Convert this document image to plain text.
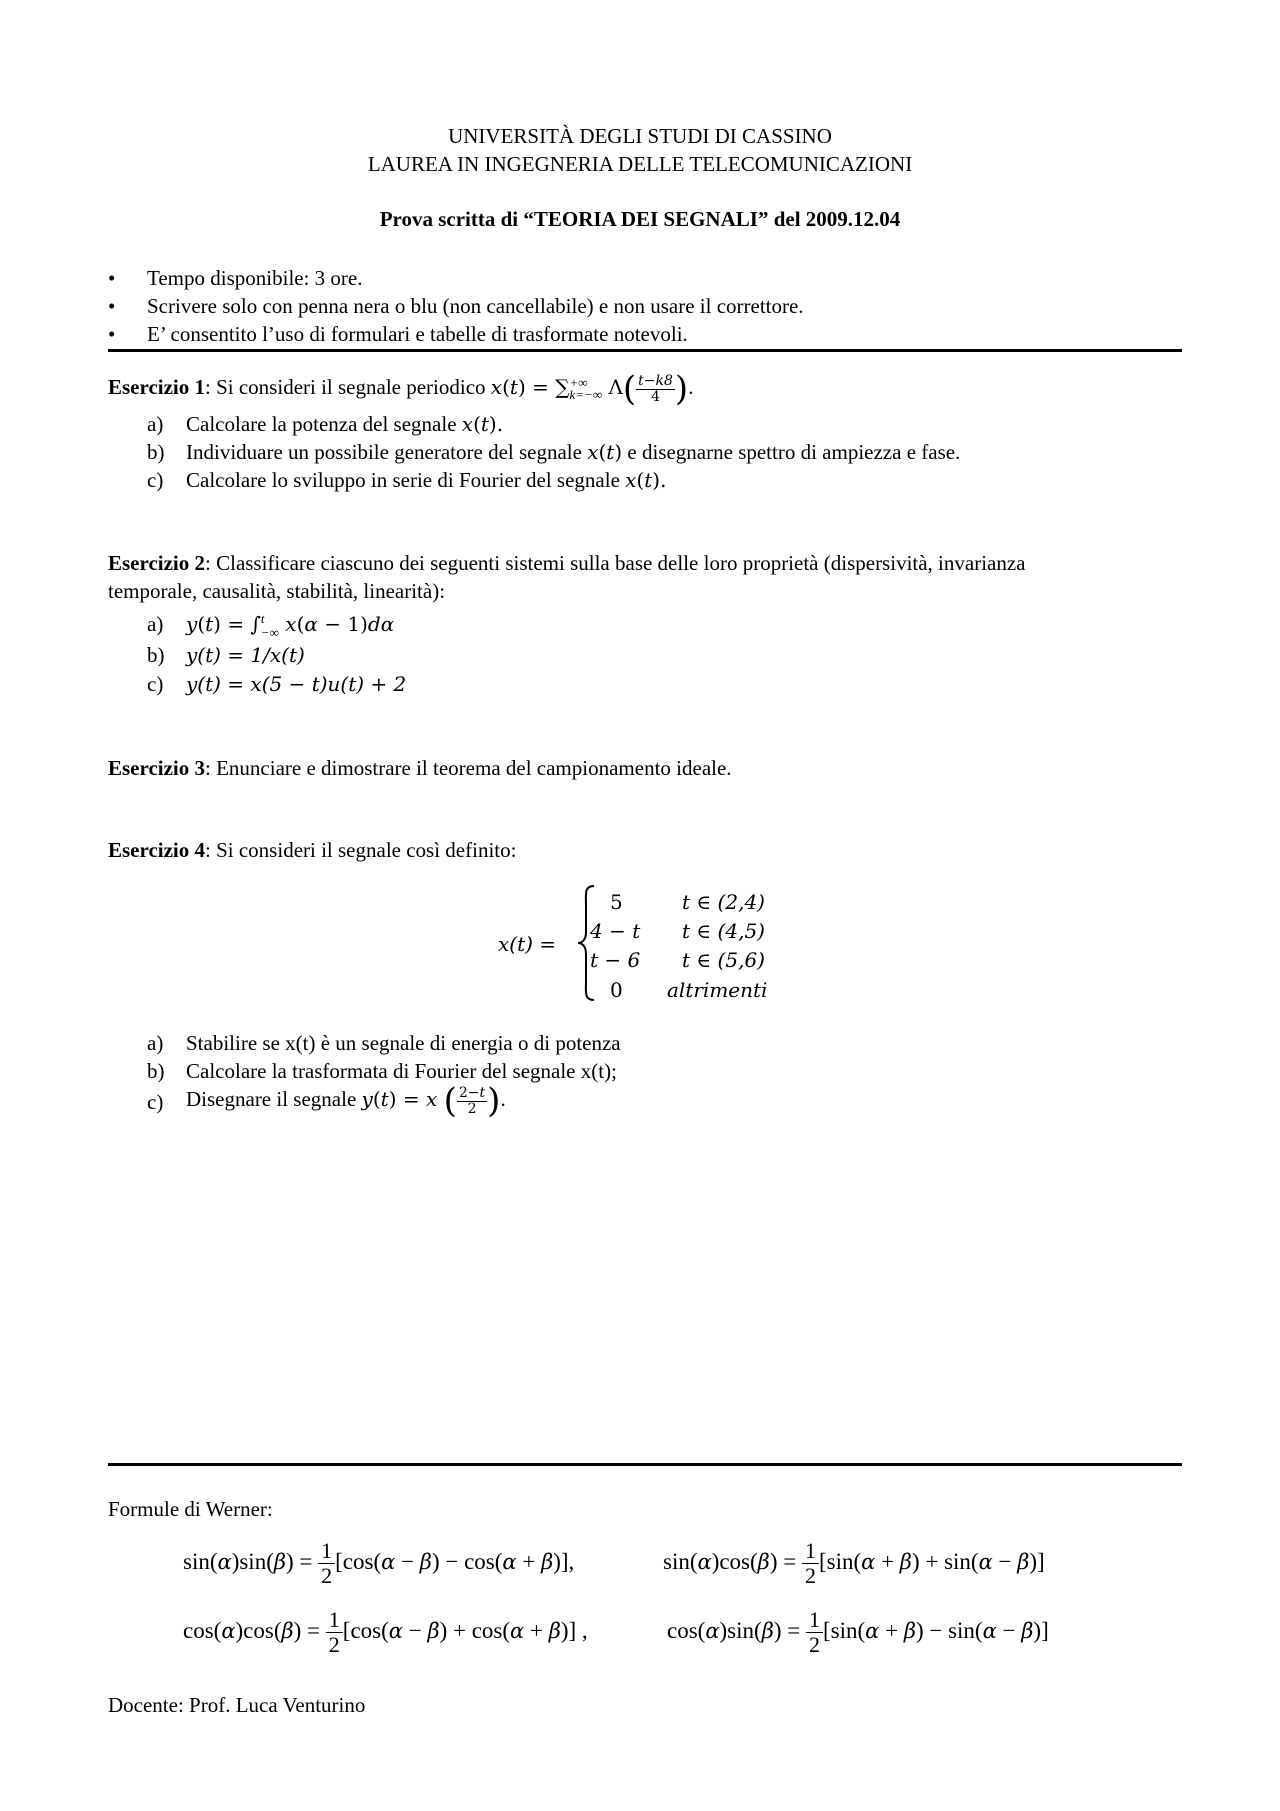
UNIVERSITÀ DEGLI STUDI DI CASSINO
LAUREA IN INGEGNERIA DELLE TELECOMUNICAZIONI
Prova scritta di “TEORIA DEI SEGNALI” del 2009.12.04
• Tempo disponibile: 3 ore.
• Scrivere solo con penna nera o blu (non cancellabile) e non usare il correttore.
• E’ consentito l’uso di formulari e tabelle di trasformate notevoli.
Esercizio 1: Si consideri il segnale periodico x(t) = ∑+∞
k=−∞ $\Lambda( \frac{t-k8}{4}$ ).
a) Calcolare la potenza del segnale x(t).
b) Individuare un possibile generatore del segnale x(t) e disegnarne spettro di ampiezza e fase.
c) Calcolare lo sviluppo in serie di Fourier del segnale x(t).
Esercizio 2: Classificare ciascuno dei seguenti sistemi sulla base delle loro proprietà (dispersività, invarianza
temporale, causalità, stabilità, linearità):
a) y(t) = ∫t
−∞ x(α − 1)dα
b) y(t) = 1/x(t)
c) y(t) = x(5 − t)u(t) + 2
Esercizio 3: Enunciare e dimostrare il teorema del campionamento ideale.
Esercizio 4: Si consideri il segnale così definito:
x(t) =
5	t ∈ (2,4)
4 − t t ∈ (4,5)
t − 6 t ∈ (5,6)
0 altrimenti
a) Stabilire se x(t) è un segnale di energia o di potenza
b) Calcolare la trasformata di Fourier del segnale x(t);
c) Disegnare il segnale y(t) = x ( $\frac{2-t}{2}$ ).
Formule di Werner:
$\sin(\alpha)\sin(\beta) = \frac{1}{2} [\cos(\alpha - \beta) - \cos(\alpha + \beta)]$,	$\sin(\alpha)\cos(\beta) = \frac{1}{2} [\sin(\alpha + \beta) + \sin(\alpha - \beta)]$
$\cos(\alpha)\cos(\beta) = \frac{1}{2} [\cos(\alpha - \beta) + \cos(\alpha + \beta)]$ ,	$\cos(\alpha)\sin(\beta) = \frac{1}{2} [\sin(\alpha + \beta) - \sin(\alpha - \beta)]$
Docente: Prof. Luca Venturino
